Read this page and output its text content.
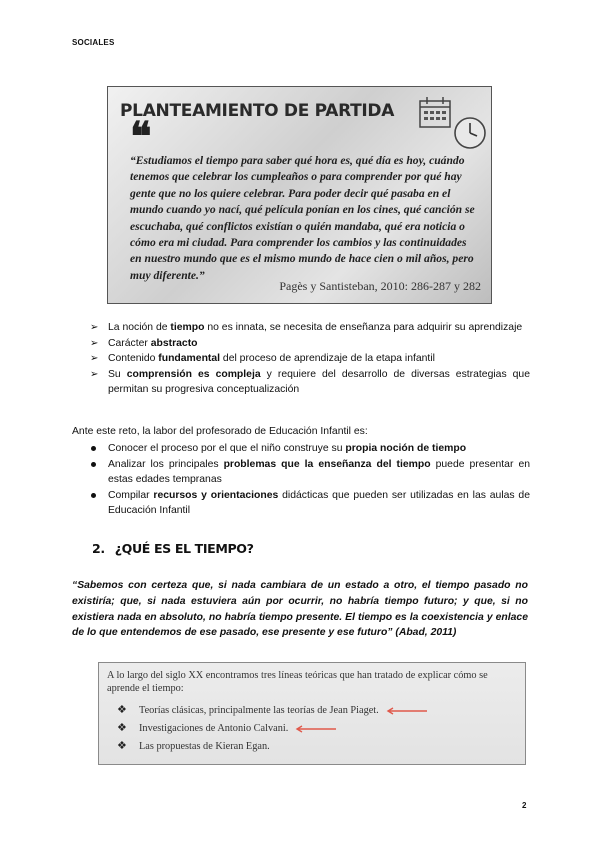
SOCIALES
PLANTEAMIENTO DE PARTIDA
❝

“Estudiamos el tiempo para saber qué hora es, qué día es hoy, cuándo tenemos que celebrar los cumpleaños o para comprender por qué hay gente que no los quiere celebrar. Para poder decir qué pasaba en el mundo cuando yo nací, qué película ponían en los cines, qué canción se escuchaba, qué conflictos existían o quién mandaba, qué era noticia o cómo era mi ciudad. Para comprender los cambios y las continuidades en nuestro mundo que es el mismo mundo de hace cien o mil años, pero muy diferente.”

Pagès y Santisteban, 2010: 286-287 y 282
➢ La noción de tiempo no es innata, se necesita de enseñanza para adquirir su aprendizaje
➢ Carácter abstracto
➢ Contenido fundamental del proceso de aprendizaje de la etapa infantil
➢ Su comprensión es compleja y requiere del desarrollo de diversas estrategias que permitan su progresiva conceptualización

Ante este reto, la labor del profesorado de Educación Infantil es:

Conocer el proceso por el que el niño construye su propia noción de tiempo
Analizar los principales problemas que la enseñanza del tiempo puede presentar en estas edades tempranas
Compilar recursos y orientaciones didácticas que pueden ser utilizadas en las aulas de Educación Infantil
2. ¿QUÉ ES EL TIEMPO?

“Sabemos con certeza que, si nada cambiara de un estado a otro, el tiempo pasado no existiría; que, si nada estuviera aún por ocurrir, no habría tiempo futuro; y que, si no existiera nada en absoluto, no habría tiempo presente. El tiempo es la coexistencia y enlace de lo que entendemos de ese pasado, ese presente y ese futuro” (Abad, 2011)

A lo largo del siglo XX encontramos tres líneas teóricas que han tratado de explicar cómo se aprende el tiempo:

❖ Teorías clásicas, principalmente las teorías de Jean Piaget.
❖ Investigaciones de Antonio Calvani.
❖ Las propuestas de Kieran Egan.
2
